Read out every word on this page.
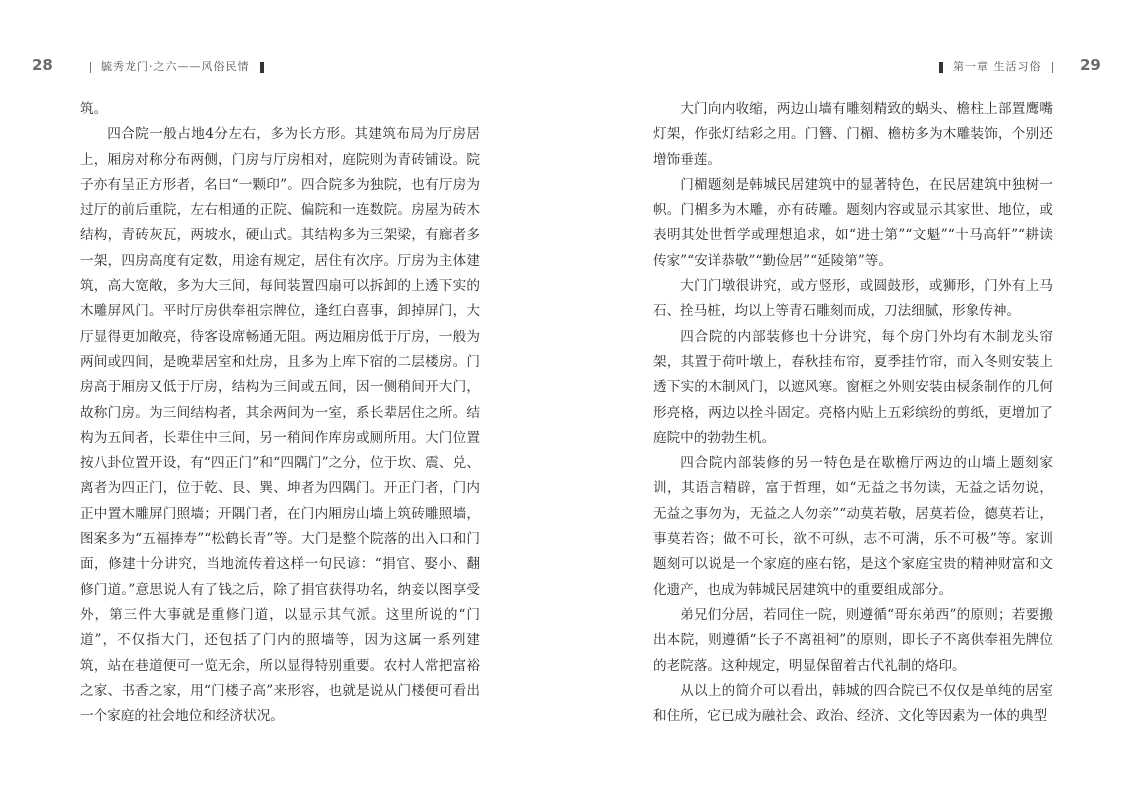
28	毓秀龙门·之六——风俗民情

筑。

四合院一般占地4分左右，多为长方形。其建筑布局为厅房居上，厢房对称分布两侧，门房与厅房相对，庭院则为青砖铺设。院子亦有呈正方形者，名曰“一颗印”。四合院多为独院，也有厅房为过厅的前后重院，左右相通的正院、偏院和一连数院。房屋为砖木结构，青砖灰瓦，两坡水，硬山式。其结构多为三架梁，有廊者多一架，四房高度有定数，用途有规定，居住有次序。厅房为主体建筑，高大宽敞，多为大三间，每间装置四扇可以拆卸的上透下实的木雕屏风门。平时厅房供奉祖宗牌位，逢红白喜事，卸掉屏门，大厅显得更加敞亮，待客设席畅通无阻。两边厢房低于厅房，一般为两间或四间，是晚辈居室和灶房，且多为上库下宿的二层楼房。门房高于厢房又低于厅房，结构为三间或五间，因一侧稍间开大门，故称门房。为三间结构者，其余两间为一室，系长辈居住之所。结构为五间者，长辈住中三间，另一稍间作库房或厕所用。大门位置按八卦位置开设，有“四正门”和“四隅门”之分，位于坎、震、兑、离者为四正门，位于乾、艮、巽、坤者为四隅门。开正门者，门内正中置木雕屏门照墙；开隅门者，在门内厢房山墙上筑砖雕照墙，图案多为“五福捧寿”“松鹤长青”等。大门是整个院落的出入口和门面，修建十分讲究，当地流传着这样一句民谚：“捐官、娶小、翻修门道。”意思说人有了钱之后，除了捐官获得功名，纳妾以图享受外，第三件大事就是重修门道，以显示其气派。这里所说的“门道”，不仅指大门，还包括了门内的照墙等，因为这属一系列建筑，站在巷道便可一览无余，所以显得特别重要。农村人常把富裕之家、书香之家，用“门楼子高”来形容，也就是说从门楼便可看出一个家庭的社会地位和经济状况。

第一章 生活习俗	29

大门向内收缩，两边山墙有雕刻精致的蜗头、檐柱上部置鹰嘴灯架，作张灯结彩之用。门簪、门楣、檐枋多为木雕装饰，个别还增饰垂莲。

门楣题刻是韩城民居建筑中的显著特色，在民居建筑中独树一帜。门楣多为木雕，亦有砖雕。题刻内容或显示其家世、地位，或表明其处世哲学或理想追求，如“进士第”“文魁”“十马高轩”“耕读传家”“安详恭敬”“勤俭居”“延陵第”等。

大门门墩很讲究，或方竖形，或圆鼓形，或狮形，门外有上马石、拴马桩，均以上等青石雕刻而成，刀法细腻，形象传神。

四合院的内部装修也十分讲究，每个房门外均有木制龙头帘架，其置于荷叶墩上，春秋挂布帘，夏季挂竹帘，而入冬则安装上透下实的木制风门，以遮风寒。窗框之外则安装由棂条制作的几何形亮格，两边以拴斗固定。亮格内贴上五彩缤纷的剪纸，更增加了庭院中的勃勃生机。

四合院内部装修的另一特色是在歇檐厅两边的山墙上题刻家训，其语言精辟，富于哲理，如“无益之书勿读，无益之话勿说，无益之事勿为，无益之人勿亲”“动莫若敬，居莫若俭，德莫若让，事莫若咨；做不可长，欲不可纵，志不可满，乐不可极”等。家训题刻可以说是一个家庭的座右铭，是这个家庭宝贵的精神财富和文化遗产，也成为韩城民居建筑中的重要组成部分。

弟兄们分居，若同住一院，则遵循“哥东弟西”的原则；若要搬出本院，则遵循“长子不离祖祠”的原则，即长子不离供奉祖先牌位的老院落。这种规定，明显保留着古代礼制的烙印。

从以上的简介可以看出，韩城的四合院已不仅仅是单纯的居室和住所，它已成为融社会、政治、经济、文化等因素为一体的典型
